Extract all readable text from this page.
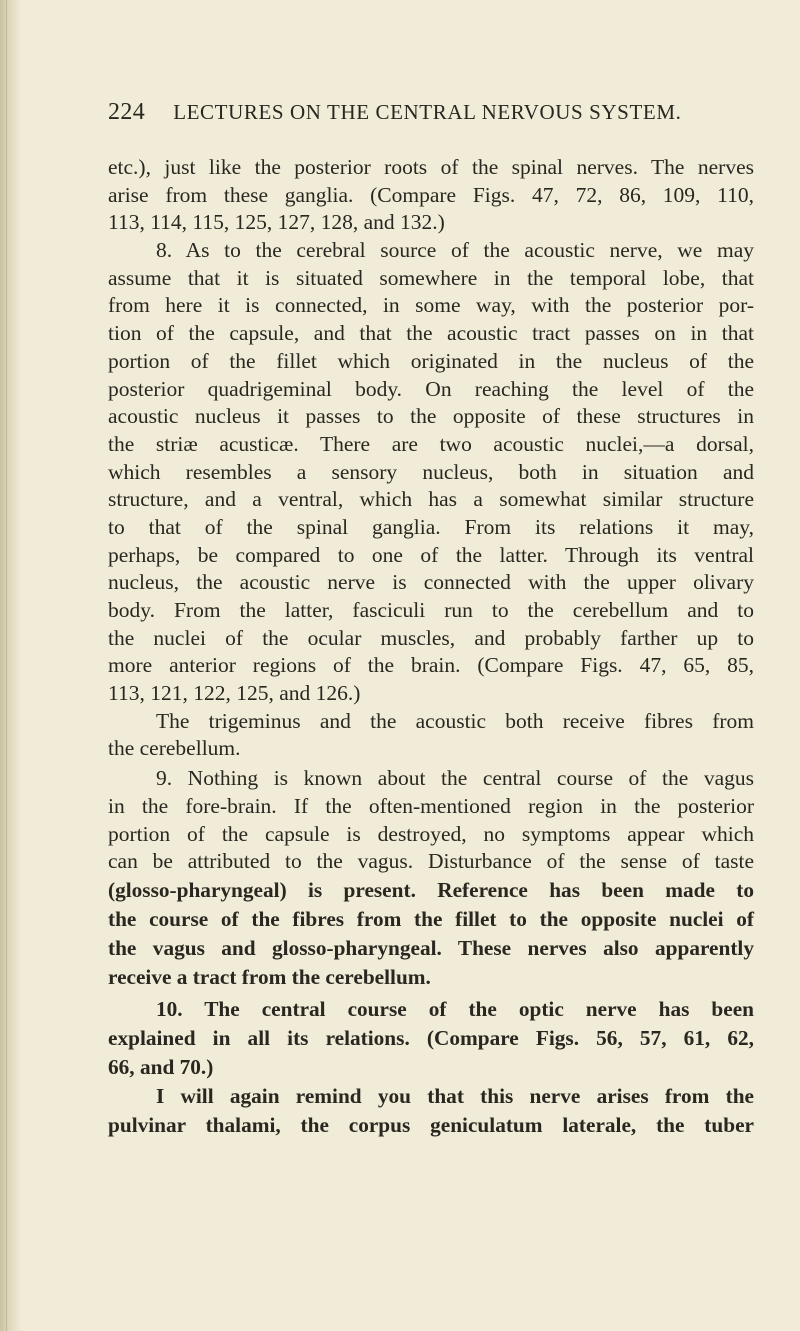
224 LECTURES ON THE CENTRAL NERVOUS SYSTEM.
etc.), just like the posterior roots of the spinal nerves. The nerves
arise from these ganglia. (Compare Figs. 47, 72, 86, 109, 110,
113, 114, 115, 125, 127, 128, and 132.)
8. As to the cerebral source of the acoustic nerve, we may
assume that it is situated somewhere in the temporal lobe, that
from here it is connected, in some way, with the posterior por-
tion of the capsule, and that the acoustic tract passes on in that
portion of the fillet which originated in the nucleus of the
posterior quadrigeminal body. On reaching the level of the
acoustic nucleus it passes to the opposite of these structures in
the striæ acusticæ. There are two acoustic nuclei,—a dorsal,
which resembles a sensory nucleus, both in situation and
structure, and a ventral, which has a somewhat similar structure
to that of the spinal ganglia. From its relations it may,
perhaps, be compared to one of the latter. Through its ventral
nucleus, the acoustic nerve is connected with the upper olivary
body. From the latter, fasciculi run to the cerebellum and to
the nuclei of the ocular muscles, and probably farther up to
more anterior regions of the brain. (Compare Figs. 47, 65, 85,
113, 121, 122, 125, and 126.)
The trigeminus and the acoustic both receive fibres from
the cerebellum.
9. Nothing is known about the central course of the vagus
in the fore-brain. If the often-mentioned region in the posterior
portion of the capsule is destroyed, no symptoms appear which
can be attributed to the vagus. Disturbance of the sense of taste
(glosso-pharyngeal) is present. Reference has been made to
the course of the fibres from the fillet to the opposite nuclei of
the vagus and glosso-pharyngeal. These nerves also apparently
receive a tract from the cerebellum.
10. The central course of the optic nerve has been
explained in all its relations. (Compare Figs. 56, 57, 61, 62,
66, and 70.)
I will again remind you that this nerve arises from the
pulvinar thalami, the corpus geniculatum laterale, the tuber
